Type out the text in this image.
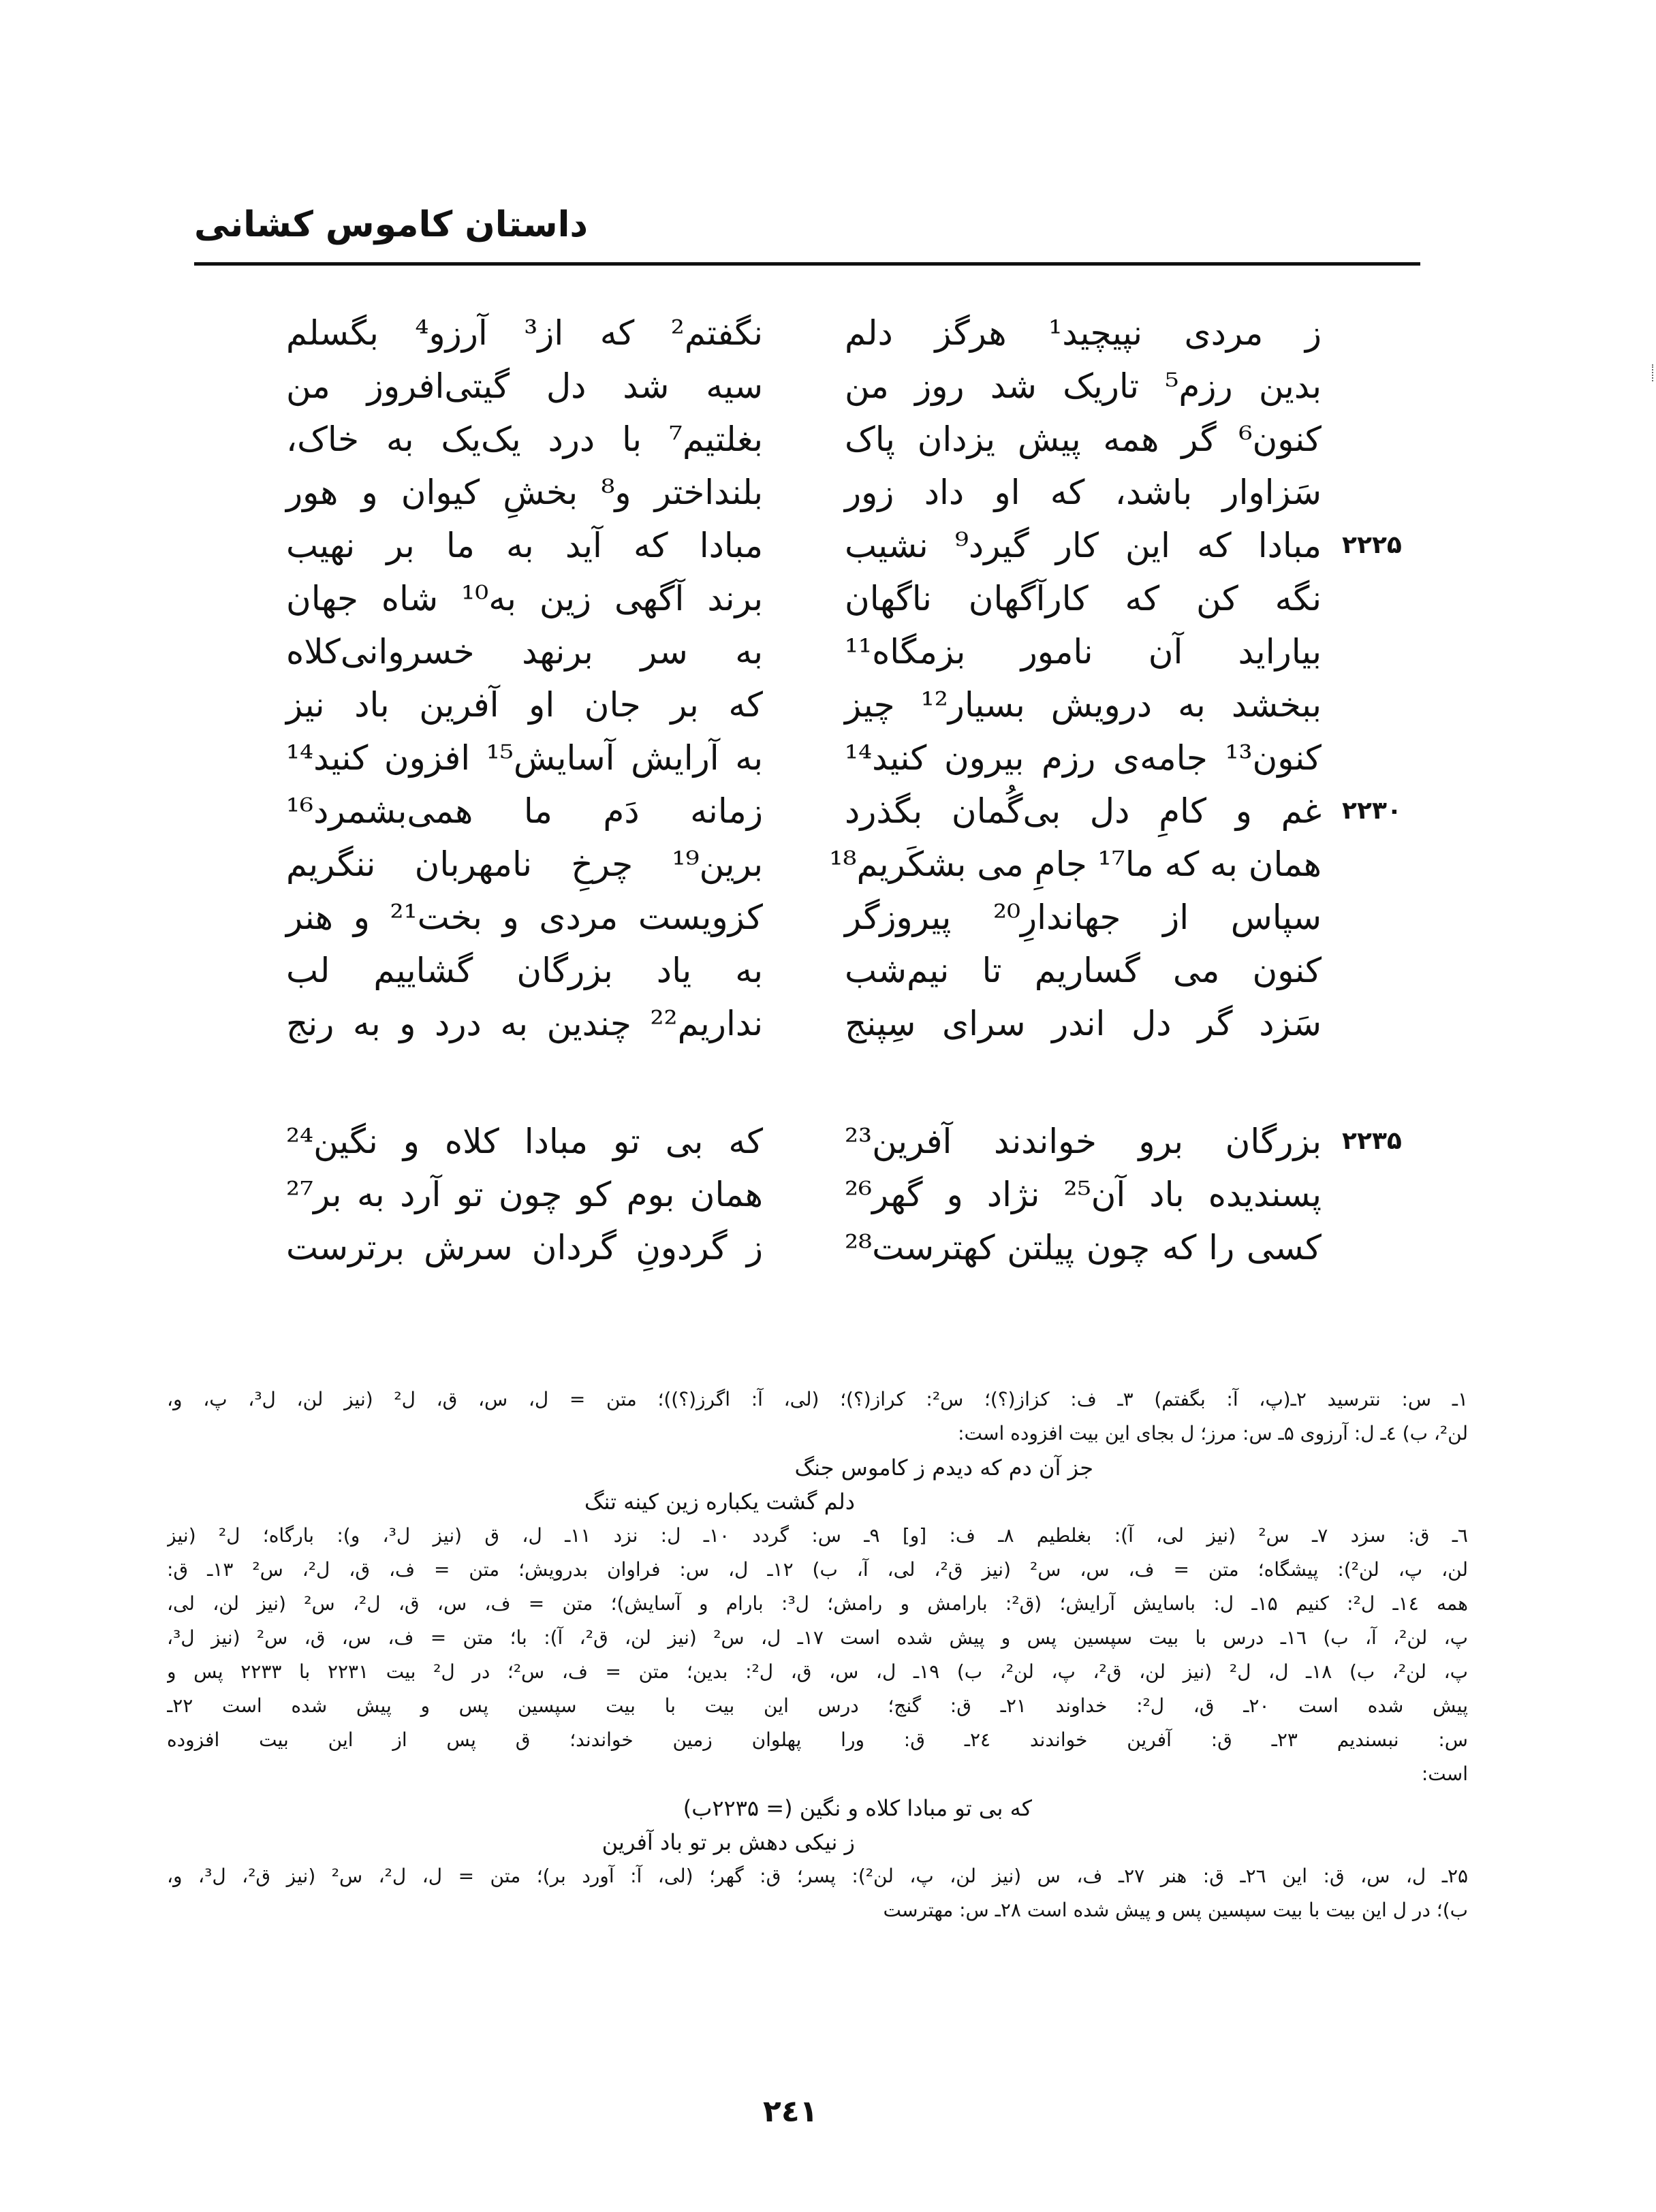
داستان کاموس کشانی
ز مردی نپیچید¹ هرگز دلم
نگفتم² که از³ آرزو⁴ بگسلم
بدین رزم⁵ تاریک شد روز من
سیه شد دل گیتی‌افروز من
کنون⁶ گر همه پیش یزدان پاک
بغلتیم⁷ با درد یک‌یک به خاک،
سَزاوار باشد، که او داد زور
بلنداختر و⁸ بخشِ کیوان و هور
۲۲۲۵
مبادا که این کار گیرد⁹ نشیب
مبادا که آید به ما بر نهیب
نگه کن که کارآگهان ناگهان
برند آگهی زین به¹⁰ شاه جهان
بیاراید آن نامور بزمگاه¹¹
به سر برنهد خسروانی‌کلاه
ببخشد به درویش بسیار¹² چیز
که بر جان او آفرین باد نیز
کنون¹³ جامه‌ی رزم بیرون کنید¹⁴
به آرایش آسایش¹⁵ افزون کنید¹⁴
۲۲۳۰
غم و کامِ دل بی‌گُمان بگذرد
زمانه دَم ما همی‌بشمرد¹⁶
همان به که ما¹⁷ جامِ می بشکَریم¹⁸
برین¹⁹ چرخِ نامهربان ننگریم
سپاس از جهاندارِ²⁰ پیروزگر
کزویست مردی و بخت²¹ و هنر
کنون می گساریم تا نیم‌شب
به یاد بزرگان گشاییم لب
سَزد گر دل اندر سرای سِپنج
نداریم²² چندین به درد و به رنج
۲۲۳۵
بزرگان برو خواندند آفرین²³
که بی تو مبادا کلاه و نگین²⁴
پسندیده باد آن²⁵ نژاد و گهر²⁶
همان بوم کو چون تو آرد به بر²⁷
کسی را که چون پیلتن کهترست²⁸
ز گردونِ گردان سرش برترست
۱ـ س: نترسید ۲ـ(پ، آ: بگفتم) ۳ـ ف: کزاز(؟)؛ س²: کراز(؟)؛ (لی، آ: اگرز(؟))؛ متن = ل، س، ق، ل² (نیز لن، ل³، پ، و،
لن²، ب) ٤ـ ل: آرزوی ۵ـ س: مرز؛ ل بجای این بیت افزوده است:
جز آن دم که دیدم ز کاموس جنگ
دلم گشت یکباره زین کینه تنگ
٦ـ ق: سزد ۷ـ س² (نیز لی، آ): بغلطیم ۸ـ ف: [و] ۹ـ س: گردد ۱۰ـ ل: نزد ۱۱ـ ل، ق (نیز ل³، و): بارگاه؛ ل² (نیز
لن، پ، لن²): پیشگاه؛ متن = ف، س، س² (نیز ق²، لی، آ، ب) ۱۲ـ ل، س: فراوان بدرویش؛ متن = ف، ق، ل²، س² ۱۳ـ ق:
همه ۱٤ـ ل²: کنیم ۱۵ـ ل: باسایش آرایش؛ (ق²: بارامش و رامش؛ ل³: بارام و آسایش)؛ متن = ف، س، ق، ل²، س² (نیز لن، لی،
پ، لن²، آ، ب) ۱٦ـ درس با بیت سپسین پس و پیش شده است ۱۷ـ ل، س² (نیز لن، ق²، آ): با؛ متن = ف، س، ق، س² (نیز ل³،
پ، لن²، ب) ۱۸ـ ل، ل² (نیز لن، ق²، پ، لن²، ب) ۱۹ـ ل، س، ق، ل²: بدین؛ متن = ف، س²؛ در ل² بیت ۲۲۳۱ با ۲۲۳۳ پس و
پیش شده است ۲۰ـ ق، ل²: خداوند ۲۱ـ ق: گنج؛ درس این بیت با بیت سپسین پس و پیش شده است ۲۲ـ
س: نبسندیم ۲۳ـ ق: آفرین خواندند ۲٤ـ ق: ورا پهلوان زمین خواندند؛ ق پس از این بیت افزوده
است:
که بی تو مبادا کلاه و نگین (= ۲۲۳۵ب)
ز نیکی دهش بر تو باد آفرین
۲۵ـ ل، س، ق: این ۲٦ـ ق: هنر ۲۷ـ ف، س (نیز لن، پ، لن²): پسر؛ ق: گهر؛ (لی، آ: آورد بر)؛ متن = ل، ل²، س² (نیز ق²، ل³، و،
ب)؛ در ل این بیت با بیت سپسین پس و پیش شده است ۲۸ـ س: مهترست
۲٤۱
